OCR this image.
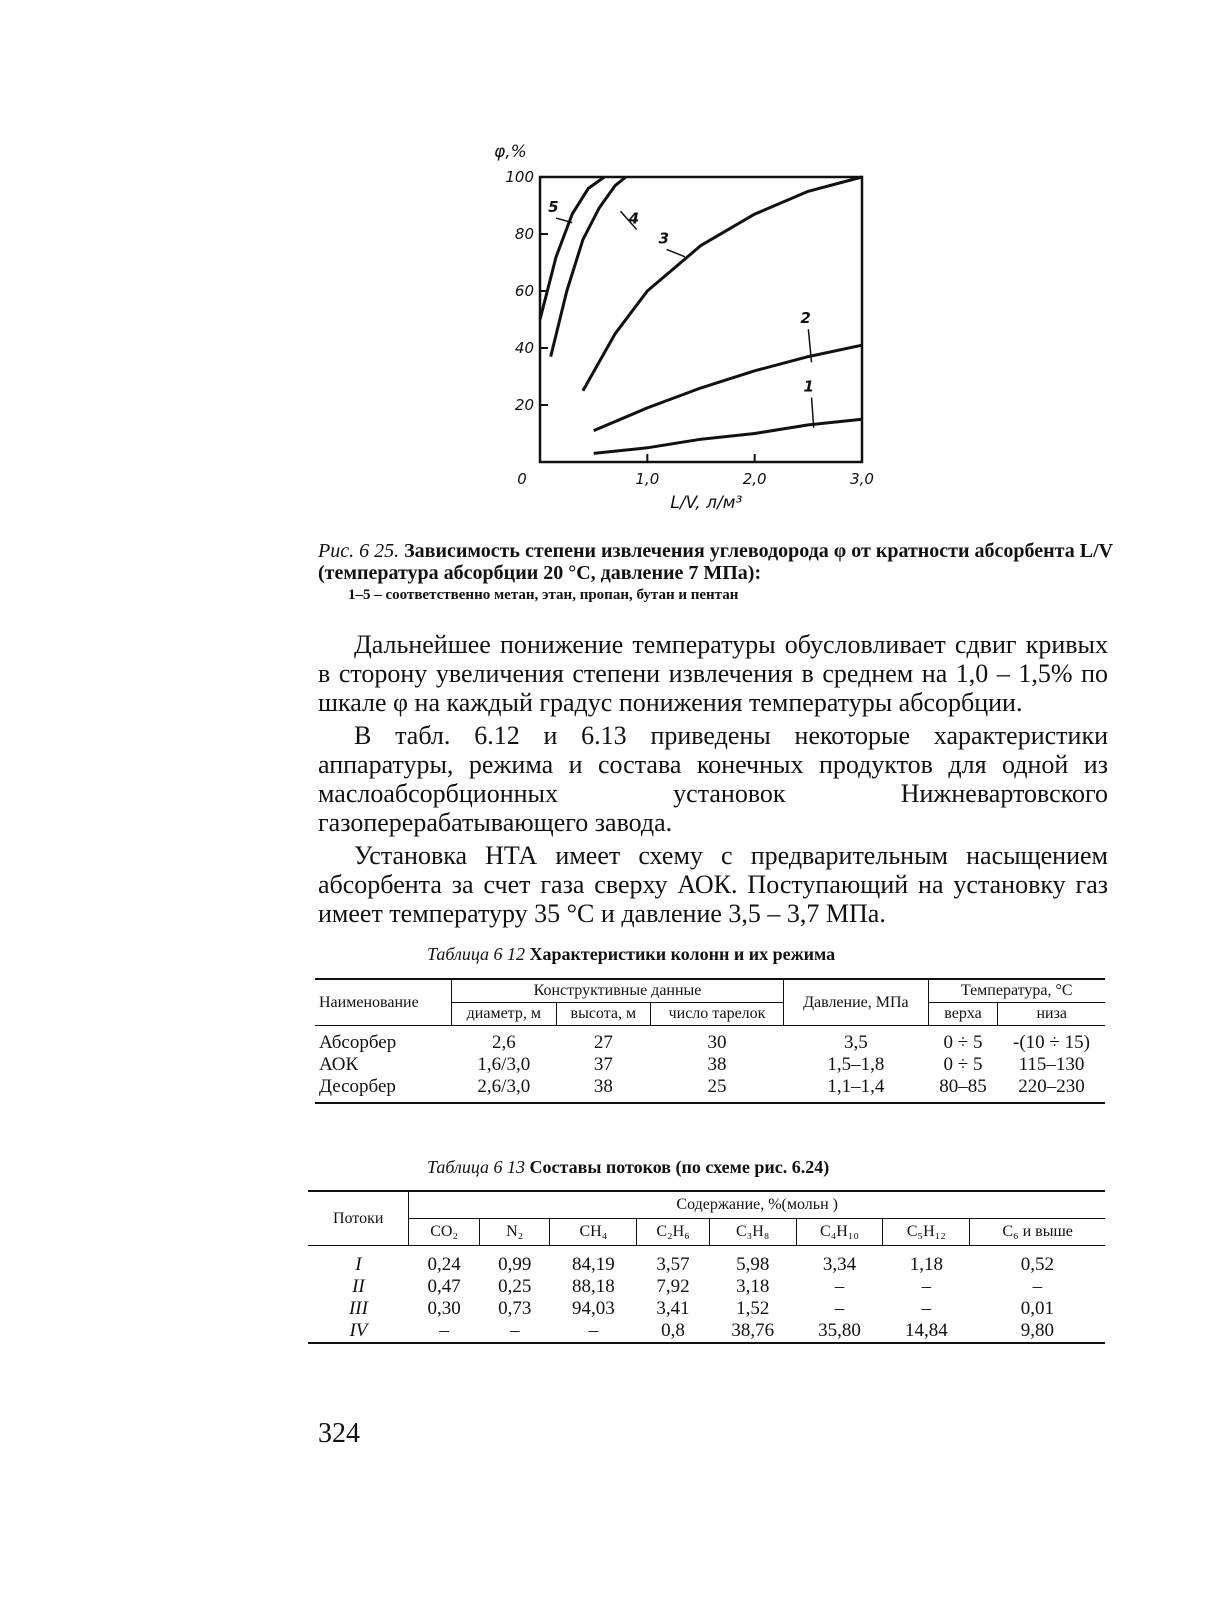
100
80
60
40
20
0	1,0	2,0	3,0
φ,%
L/V, л/м³
1
2
3
4
5
Рис. 6 25. Зависимость степени извлечения углеводорода φ от кратности абсорбента L/V (температура абсорбции 20 °С, давление 7 МПа):
1–5 – соответственно метан, этан, пропан, бутан и пентан

Дальнейшее понижение температуры обусловливает сдвиг кривых в сторону увеличения степени извлечения в среднем на 1,0 – 1,5% по шкале φ на каждый градус понижения температуры абсорбции.

В табл. 6.12 и 6.13 приведены некоторые характеристики аппаратуры, режима и состава конечных продуктов для одной из маслоабсорбционных установок Нижневартовского газоперерабатывающего завода.

Установка НТА имеет схему с предварительным насыщением абсорбента за счет газа сверху АОК. Поступающий на установку газ имеет температуру 35 °С и давление 3,5 – 3,7 МПа.

Таблица 6 12 Характеристики колонн и их режима
Наименование	Конструктивные данные			Давление, МПа	Температура, °С	
	диаметр, м	высота, м	число тарелок		верха	низа
Абсорбер	2,6	27	30	3,5	0 ÷ 5	-(10 ÷ 15)
АОК	1,6/3,0	37	38	1,5–1,8	0 ÷ 5	115–130
Десорбер	2,6/3,0	38	25	1,1–1,4	80–85	220–230
Таблица 6 13 Составы потоков (по схеме рис. 6.24)
Потоки	Содержание, %(мольн )							
	CO₂	N₂	CH₄	C₂H₆	C₃H₈	C₄H₁₀	C₅H₁₂	C₆ и выше
I	0,24	0,99	84,19	3,57	5,98	3,34	1,18	0,52
II	0,47	0,25	88,18	7,92	3,18	–	–	–
III	0,30	0,73	94,03	3,41	1,52	–	–	0,01
IV	–	–	–	0,8	38,76	35,80	14,84	9,80
324
